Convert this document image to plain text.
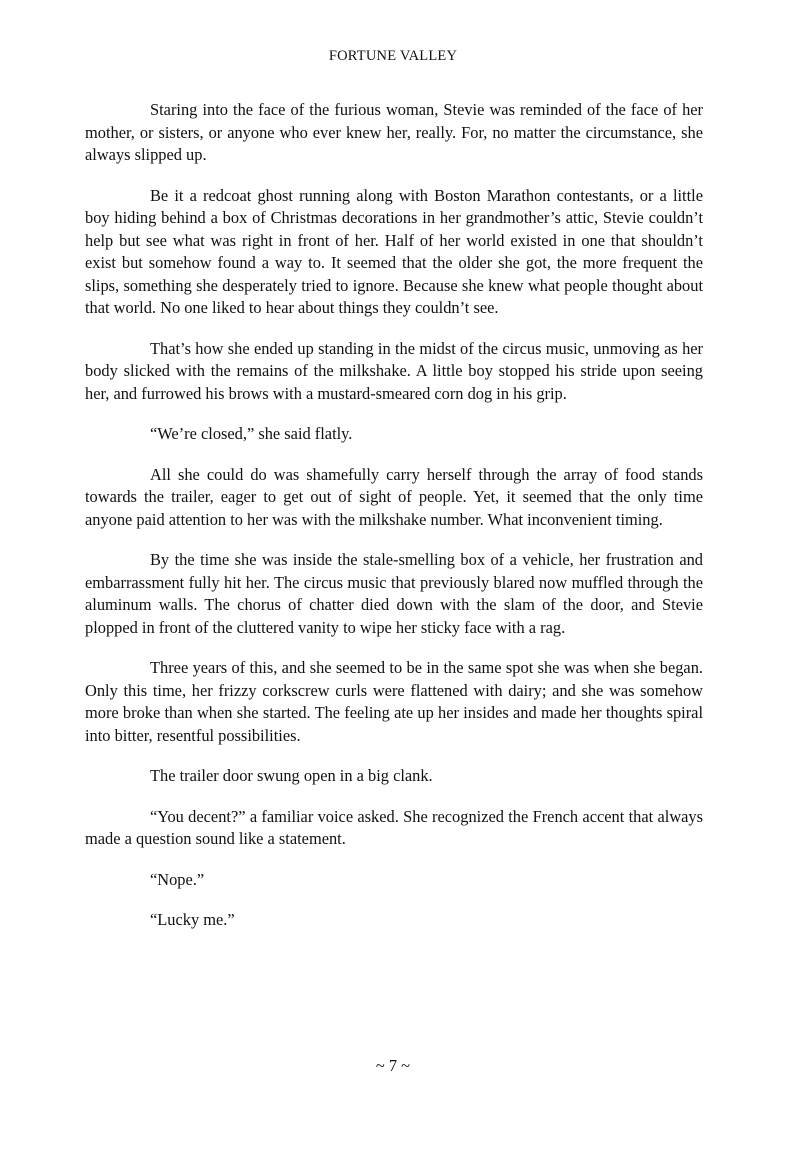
FORTUNE VALLEY

Staring into the face of the furious woman, Stevie was reminded of the face of her mother, or sisters, or anyone who ever knew her, really. For, no matter the circumstance, she always slipped up.

Be it a redcoat ghost running along with Boston Marathon contestants, or a little boy hiding behind a box of Christmas decorations in her grandmother’s attic, Stevie couldn’t help but see what was right in front of her. Half of her world existed in one that shouldn’t exist but somehow found a way to. It seemed that the older she got, the more frequent the slips, something she desperately tried to ignore. Because she knew what people thought about that world. No one liked to hear about things they couldn’t see.

That’s how she ended up standing in the midst of the circus music, unmoving as her body slicked with the remains of the milkshake. A little boy stopped his stride upon seeing her, and furrowed his brows with a mustard-smeared corn dog in his grip.

“We’re closed,” she said flatly.

All she could do was shamefully carry herself through the array of food stands towards the trailer, eager to get out of sight of people. Yet, it seemed that the only time anyone paid attention to her was with the milkshake number. What inconvenient timing.

By the time she was inside the stale-smelling box of a vehicle, her frustration and embarrassment fully hit her. The circus music that previously blared now muffled through the aluminum walls. The chorus of chatter died down with the slam of the door, and Stevie plopped in front of the cluttered vanity to wipe her sticky face with a rag.

Three years of this, and she seemed to be in the same spot she was when she began. Only this time, her frizzy corkscrew curls were flattened with dairy; and she was somehow more broke than when she started. The feeling ate up her insides and made her thoughts spiral into bitter, resentful possibilities.

The trailer door swung open in a big clank.

“You decent?” a familiar voice asked. She recognized the French accent that always made a question sound like a statement.

“Nope.”

“Lucky me.”

~ 7 ~
